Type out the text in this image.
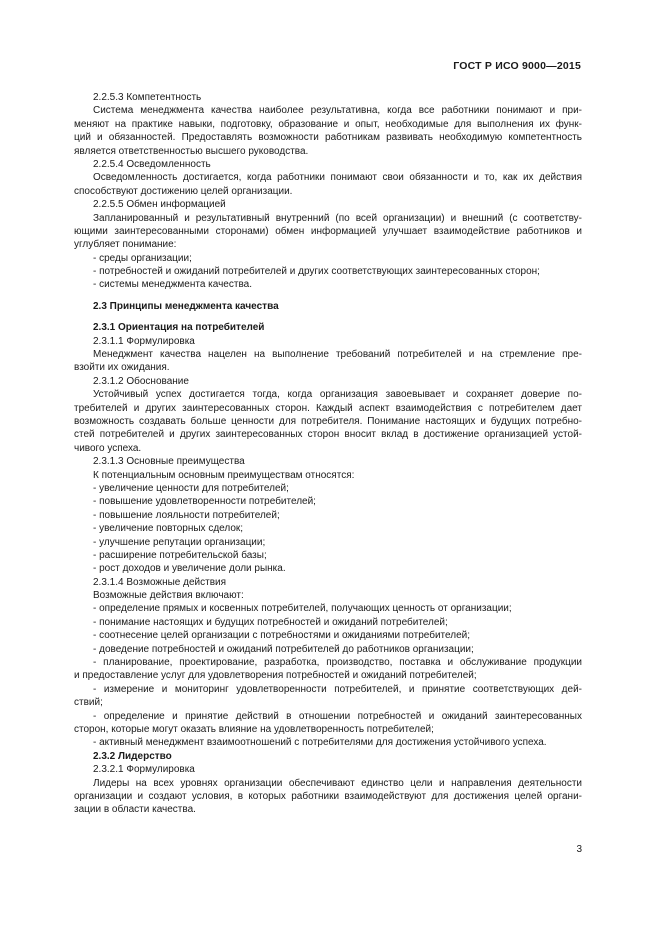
ГОСТ Р ИСО 9000—2015
2.2.5.3 Компетентность
Система менеджмента качества наиболее результативна, когда все работники понимают и при-
меняют на практике навыки, подготовку, образование и опыт, необходимые для выполнения их функ-
ций и обязанностей. Предоставлять возможности работникам развивать необходимую компетентность
является ответственностью высшего руководства.
2.2.5.4 Осведомленность
Осведомленность достигается, когда работники понимают свои обязанности и то, как их действия
способствуют достижению целей организации.
2.2.5.5 Обмен информацией
Запланированный и результативный внутренний (по всей организации) и внешний (с соответству-
ющими заинтересованными сторонами) обмен информацией улучшает взаимодействие работников и
углубляет понимание:
- среды организации;
- потребностей и ожиданий потребителей и других соответствующих заинтересованных сторон;
- системы менеджмента качества.
2.3 Принципы менеджмента качества
2.3.1 Ориентация на потребителей
2.3.1.1 Формулировка
Менеджмент качества нацелен на выполнение требований потребителей и на стремление пре-
взойти их ожидания.
2.3.1.2 Обоснование
Устойчивый успех достигается тогда, когда организация завоевывает и сохраняет доверие по-
требителей и других заинтересованных сторон. Каждый аспект взаимодействия с потребителем дает
возможность создавать больше ценности для потребителя. Понимание настоящих и будущих потребно-
стей потребителей и других заинтересованных сторон вносит вклад в достижение организацией устой-
чивого успеха.
2.3.1.3 Основные преимущества
К потенциальным основным преимуществам относятся:
- увеличение ценности для потребителей;
- повышение удовлетворенности потребителей;
- повышение лояльности потребителей;
- увеличение повторных сделок;
- улучшение репутации организации;
- расширение потребительской базы;
- рост доходов и увеличение доли рынка.
2.3.1.4 Возможные действия
Возможные действия включают:
- определение прямых и косвенных потребителей, получающих ценность от организации;
- понимание настоящих и будущих потребностей и ожиданий потребителей;
- соотнесение целей организации с потребностями и ожиданиями потребителей;
- доведение потребностей и ожиданий потребителей до работников организации;
- планирование, проектирование, разработка, производство, поставка и обслуживание продукции
и предоставление услуг для удовлетворения потребностей и ожиданий потребителей;
- измерение и мониторинг удовлетворенности потребителей, и принятие соответствующих дей-
ствий;
- определение и принятие действий в отношении потребностей и ожиданий заинтересованных
сторон, которые могут оказать влияние на удовлетворенность потребителей;
- активный менеджмент взаимоотношений с потребителями для достижения устойчивого успеха.
2.3.2 Лидерство
2.3.2.1 Формулировка
Лидеры на всех уровнях организации обеспечивают единство цели и направления деятельности
организации и создают условия, в которых работники взаимодействуют для достижения целей органи-
зации в области качества.
3
